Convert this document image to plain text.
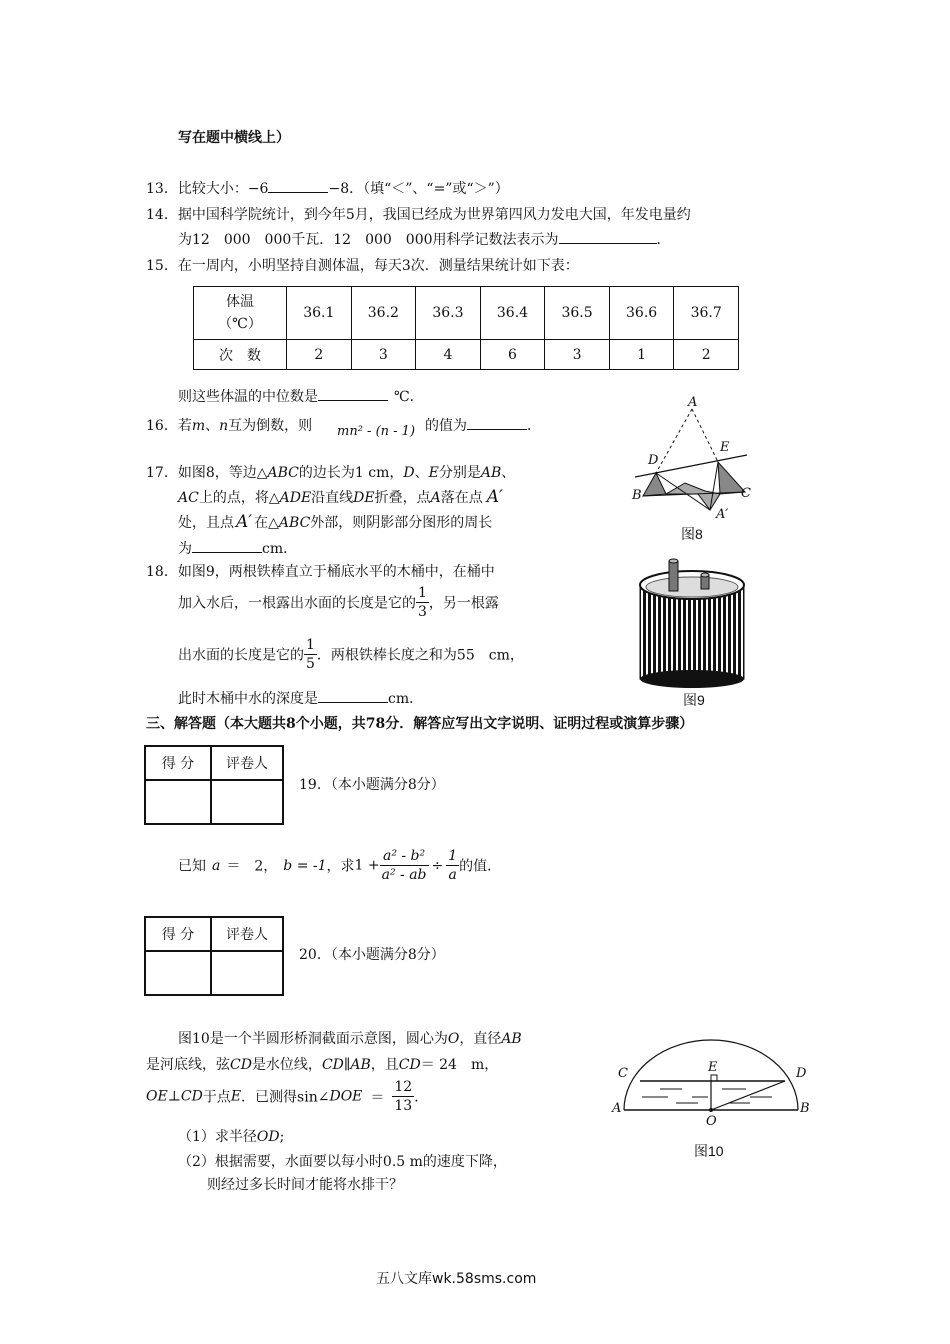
写在题中横线上）
13．比较大小：−6	−8．（填“＜”、“=”或“＞”）
14．据中国科学院统计，到今年5月，我国已经成为世界第四风力发电大国，年发电量约
为12　000　000千瓦．12　000　000用科学记数法表示为	．
15．在一周内，小明坚持自测体温，每天3次．测量结果统计如下表：
体温
（℃）	36.1	36.2	36.3	36.4	36.5	36.6	36.7
次　数	2	3	4	6	3	1	2
则这些体温的中位数是	℃．
16．若m、n互为倒数，则 mn² - (n - 1) 的值为	．
17．如图8，等边△ABC的边长为1 cm，D、E分别是AB、
AC上的点，将△ADE沿直线DE折叠，点A落在点 A′
处，且点 A′ 在△ABC外部，则阴影部分图形的周长
为	cm．
A
D
E
B	C
A′
图8
18．如图9，两根铁棒直立于桶底水平的木桶中，在桶中
加入水后，一根露出水面的长度是它的 $\frac{1}{3}$ ，另一根露
出水面的长度是它的 $\frac{1}{5}$ ．两根铁棒长度之和为55　cm，
此时木桶中水的深度是	cm．	图9
三、解答题（本大题共8个小题，共78分．解答应写出文字说明、证明过程或演算步骤）
得 分	评卷人

19．（本小题满分8分）
已知 a ＝　2， b = -1，求$1 + \frac{\text{a² - b²}}{\text{a² - ab}} \div \frac{1}{a}$ 的值．
得 分	评卷人

20．（本小题满分8分）
图10是一个半圆形桥洞截面示意图，圆心为O，直径AB
是河底线，弦CD是水位线，CD∥AB，且CD＝ 24　m，
OE⊥CD于点E．已测得sin∠DOE ＝ $\frac{12}{13}$ ．
（1）求半径OD;
（2）根据需要，水面要以每小时0.5 m的速度下降，
则经过多长时间才能将水排干？
C	E	D
A	B
O
图10
五八文库wk.58sms.com
